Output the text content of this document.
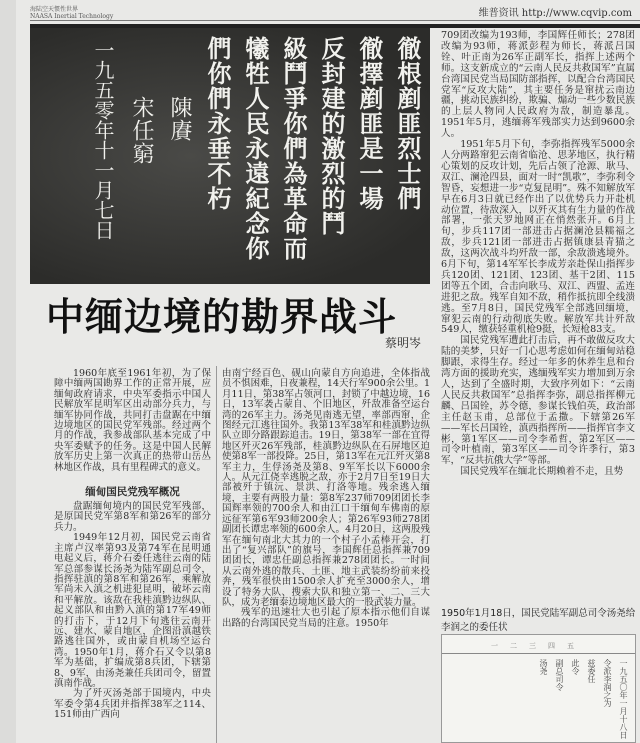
海陆空天惯性世界
NAASA Inertial Technology	维普资讯 http://www.cqvip.com
徹根剷匪烈士們
徹擇剷匪是一場
反封建的激烈的鬥
級鬥爭你們為革命而
犧牲人民永遠紀念你
們你們永垂不朽
陳賡
宋任窮
一九五零年十一月七日
中缅边境的勘界战斗
蔡明岑

1960年底至1961年初，为了保障中缅两国勘界工作的正常开展，应缅甸政府请求，中央军委指示中国人民解放军昆明军区出动部分兵力，与缅军协同作战，共同打击盘踞在中缅边境地区的国民党军残部。经过两个月的作战，我参战部队基本完成了中央军委赋予的任务。这是中国人民解放军历史上第一次真正的热带山岳丛林地区作战，具有里程碑式的意义。

缅甸国民党残军概况

盘踞缅甸境内的国民党军残部，是原国民党军第8军和第26军的部分兵力。

1949年12月初，国民党云南省主席卢汉率第93及第74军在昆明通电起义后，蒋介石委任逃往云南的陆军总部参谋长汤尧为陆军副总司令，指挥驻滇的第8军和第26军，乘解放军尚未入滇之机进犯昆明，破坏云南和平解放。该敌在我桂滇黔边纵队、起义部队和由黔入滇的第17军49师的打击下，于12月下旬逃往云南开远、建水、蒙自地区，企图沿滇越铁路逃往国外，或由蒙自机场空运台湾。1950年1月，蒋介石又令以第8军为基础，扩编成第8兵团，下辖第8、9军，由汤尧兼任兵团司令，留置滇南作战。

为了歼灭汤尧部于国境内，中央军委令第4兵团并指挥38军之114、151师由广西向

由南宁经百色、砚山向蒙自方向追进，全体指战员不惧困难，日夜兼程，14天行军900余公里。1月11日，第38军占领河口，封锁了中越边境，16日，13军袭占蒙自、个旧地区，歼敌准备空运台湾的26军主力。汤尧见南逃无望，率部西窜，企图经元江逃往国外。我第13军38军和桂滇黔边纵队立即分路跟踪追击。19日，第38军一部在宜得地区歼灭26军残部，桂滇黔边纵队在石屏地区迫使第8军一部投降。25日，第13军在元江歼灭第8军主力，生俘汤尧及第8、9军军长以下6000余人。从元江侥幸逃脱之敌，亦于2月7日至19日大部被歼于镇沅、景洪、打洛等地。残余逃入缅境，主要有两股力量：第8军237师709团团长李国辉率领的700余人和由江口干缅甸车佛南的原远征军第6军93师200余人；第26军93师278团副团长谭忠率领的600余人。4月20日，这两股残军在缅句南北大其力的一个村子小孟棒开会，打出了“复兴部队”的旗号，李国辉任总指挥兼709团团长，谭忠任副总指挥兼278团团长。一时间从云南外逃的散兵、土匪、地主武装纷纷前来投奔，残军很快由1500余人扩充至3000余人，增设了特务大队、搜索大队和独立第一、二、三大队，成为老缅泰边境地区最大的一股武装力量。

残军的迅速壮大也引起了原本指示他们自谋出路的台湾国民党当局的注意。1950年

709团改编为193师，李国辉任师长；278团改编为93师，蒋派彭程为师长，蒋派吕国铨、叶正南为26军正副军长，指挥上述两个师。这支新成立的“云南人民反共救国军”直属台湾国民党当局国防部指挥，以配合台湾国民党军“反攻大陆”，其主要任务是窜扰云南边疆，挑动民族纠纷，欺骗、煽动一些少数民族的上层人物同人民政府为敌，制造暴乱。1951年5月，逃缅蒋军残部实力达到9600余人。

1951年5月下旬，李弥指挥残军5000余人分两路窜犯云南省临沧、思茅地区，执行精心策划的反攻计划，先后占领了沧源、耿马、双江、澜沧四县，面对一时“凯歌”，李弥利令智昏，妄想进一步“克复昆明”。殊不知解放军早在6月3日就已经作出了以优势兵力开赴机动位置，待敌深入，以歼灭其有生力量的作战部署，一张天罗地网正在悄然张开。6月上旬，步兵117团一部进击占据澜沧县糯福之敌，步兵121团一部进击占据镇康县青猫之敌，这两次战斗均歼敌一部，余敌溃逃境外。6月下旬，第14军军长李成芳亲赴保山指挥步兵120团、121团、123团、基干2团、115团等五个团，合击向耿马、双江、西盟、孟连进犯之敌。残军自知不敌，稍作抵抗即全线溃逃。至7月8日，国民党残军全部逃回缅境，窜犯云南的行动彻底失败。解放军共计歼敌549人，缴获轻重机枪9挺，长短枪83支。

国民党残军遭此打击后，再不敢做反攻大陆的美梦，只好一门心思考虑如何在缅甸站稳脚跟，求得生存。经过一年多的休养生息和台湾方面的援助充实，逃缅残军实力增加到万余人，达到了全盛时期，大致序列如下：“云南人民反共救国军”总指挥李弥，副总指挥柳元麟、吕国铨，苏令德，参谋长钱伯英，政治部主任赵玉甫，总部位于孟撒。下辖第26军——军长吕国铨，滇西指挥所——指挥官李文彬，第1军区——司令李希哲，第2军区——司令叶植南，第3军区——司令许季行，第3军，“反共抗俄大学”等部。

国民党残军在缅北长期赖着不走，且势

1950年1月18日，国民党陆军副总司令汤尧给李润之的委任状
一二三四五
一九五〇年一月十八日
令派李润之为
兹委任
此令
副总司令
汤尧
